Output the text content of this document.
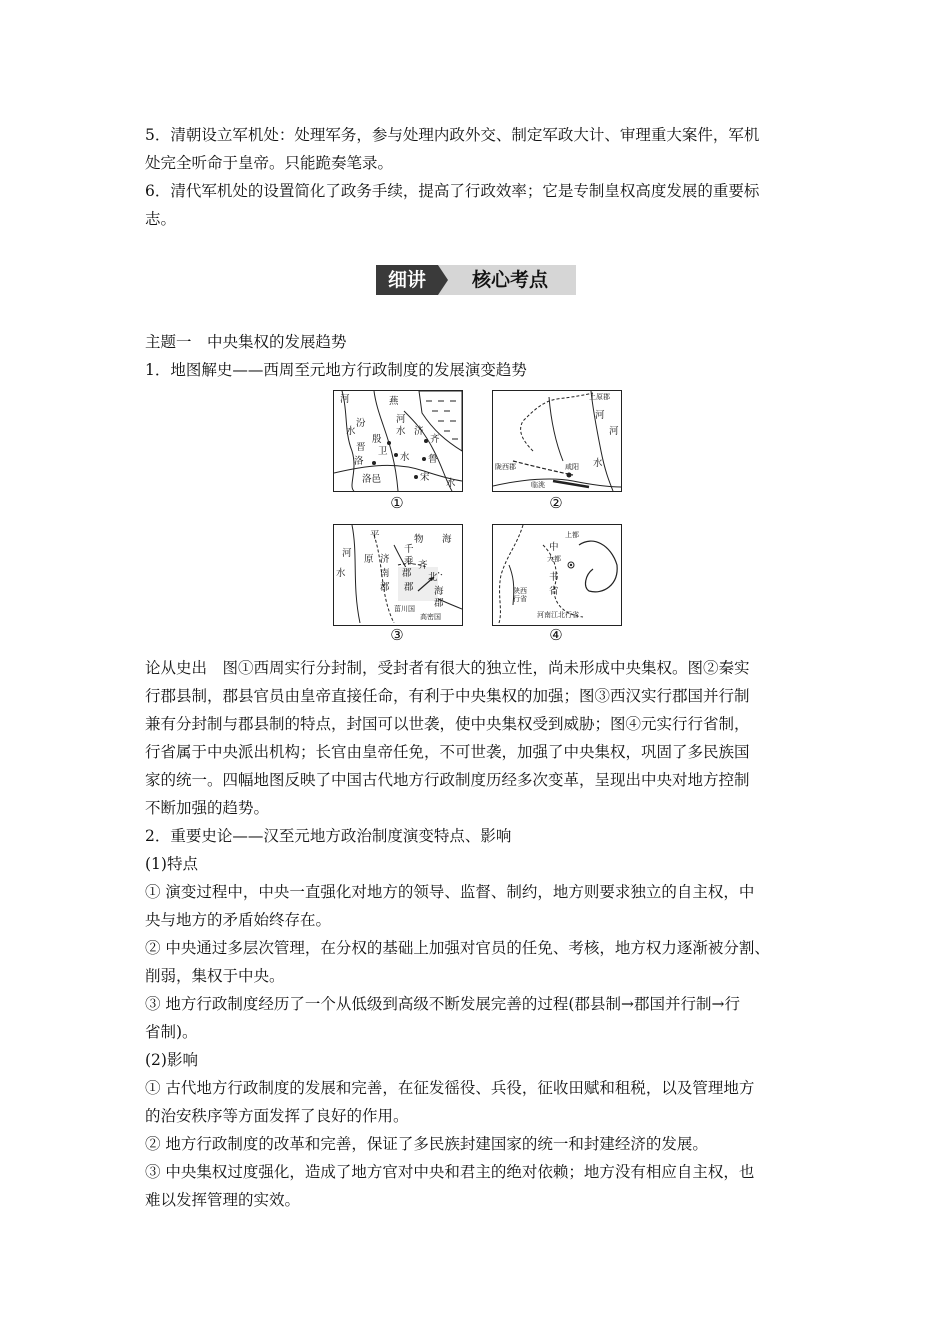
5．清朝设立军机处：处理军务，参与处理内政外交、制定军政大计、审理重大案件，军机

处完全听命于皇帝。只能跪奏笔录。

6．清代军机处的设置简化了政务手续，提高了行政效率；它是专制皇权高度发展的重要标

志。

核心考点
细讲

主题一　中央集权的发展趋势

1．地图解史——西周至元地方行政制度的发展演变趋势

河	燕
汾	河
水	济
齐
水
殷
晋 卫
洛	鲁
水
洛邑	宋
水
①
上原郡
河
河
陇西郡
临洮
咸阳 水
②
平	物 海
河	千
乘
水
原 济
齐
郡
南	北
郡 郡 海
郡
菑川国
高密国
③
上都
中
大都
书
陕西行省
省
河南江北行省
④

论从史出　图①西周实行分封制，受封者有很大的独立性，尚未形成中央集权。图②秦实

行郡县制，郡县官员由皇帝直接任命，有利于中央集权的加强；图③西汉实行郡国并行制

兼有分封制与郡县制的特点，封国可以世袭，使中央集权受到威胁；图④元实行行省制，

行省属于中央派出机构；长官由皇帝任免，不可世袭，加强了中央集权，巩固了多民族国

家的统一。四幅地图反映了中国古代地方行政制度历经多次变革，呈现出中央对地方控制

不断加强的趋势。

2．重要史论——汉至元地方政治制度演变特点、影响

(1)特点

① 演变过程中，中央一直强化对地方的领导、监督、制约，地方则要求独立的自主权，中

央与地方的矛盾始终存在。

② 中央通过多层次管理，在分权的基础上加强对官员的任免、考核，地方权力逐渐被分割、

削弱，集权于中央。

③ 地方行政制度经历了一个从低级到高级不断发展完善的过程(郡县制→郡国并行制→行

省制)。

(2)影响

① 古代地方行政制度的发展和完善，在征发徭役、兵役，征收田赋和租税，以及管理地方

的治安秩序等方面发挥了良好的作用。

② 地方行政制度的改革和完善，保证了多民族封建国家的统一和封建经济的发展。

③ 中央集权过度强化，造成了地方官对中央和君主的绝对依赖；地方没有相应自主权，也

难以发挥管理的实效。
